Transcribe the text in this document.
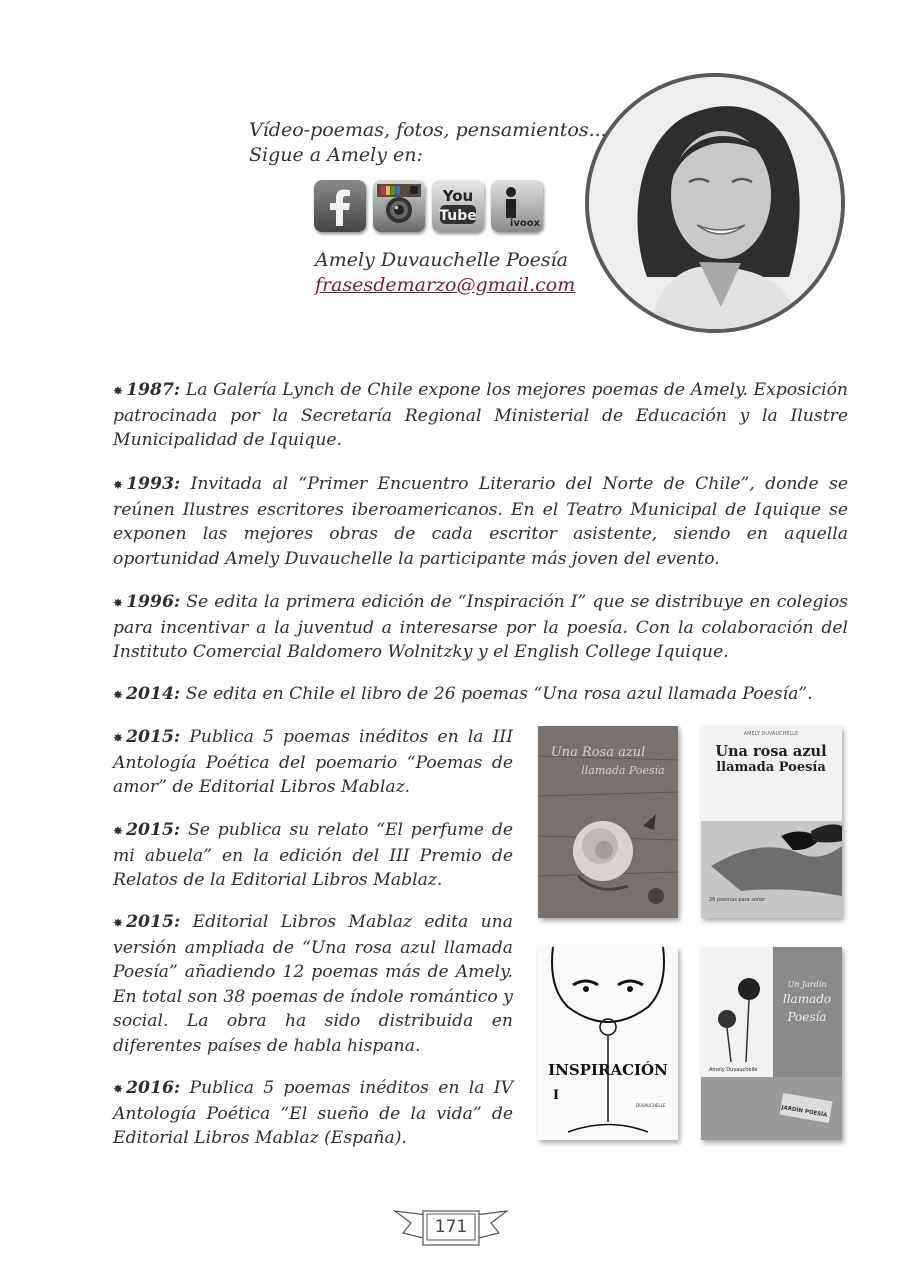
Vídeo-poemas, fotos, pensamientos...
Sigue a Amely en:
You
Tube	ivoox
Amely Duvauchelle Poesía
frasesdemarzo@gmail.com
✸ 1987: La Galería Lynch de Chile expone los mejores poemas de Amely. Exposición patrocinada por la Secretaría Regional Ministerial de Educación y la Ilustre Municipalidad de Iquique.
✸ 1993: Invitada al “Primer Encuentro Literario del Norte de Chile”, donde se reúnen Ilustres escritores iberoamericanos. En el Teatro Municipal de Iquique se exponen las mejores obras de cada escritor asistente, siendo en aquella oportunidad Amely Duvauchelle la participante más joven del evento.
✸ 1996: Se edita la primera edición de “Inspiración I” que se distribuye en colegios para incentivar a la juventud a interesarse por la poesía. Con la colaboración del Instituto Comercial Baldomero Wolnitzky y el English College Iquique.
✸ 2014: Se edita en Chile el libro de 26 poemas “Una rosa azul llamada Poesía”.
✸ 2015: Publica 5 poemas inéditos en la III Antología Poética del poemario “Poemas de amor” de Editorial Libros Mablaz.
✸ 2015: Se publica su relato “El perfume de mi abuela” en la edición del III Premio de Relatos de la Editorial Libros Mablaz.
✸ 2015: Editorial Libros Mablaz edita una versión ampliada de “Una rosa azul llamada Poesía” añadiendo 12 poemas más de Amely. En total son 38 poemas de índole romántico y social. La obra ha sido distribuida en diferentes países de habla hispana.
✸ 2016: Publica 5 poemas inéditos en la IV Antología Poética “El sueño de la vida” de Editorial Libros Mablaz (España).
Una Rosa azul
llamada Poesía
AMELY DUVAUCHELLE
Una rosa azul
llamada Poesía
26 poemas para soñar
INSPIRACIÓN
I
DUVAUCHELLE
Un Jardín
llamado
Poesía
Amely Duvauchelle
JARDÍN POESÍA
171
